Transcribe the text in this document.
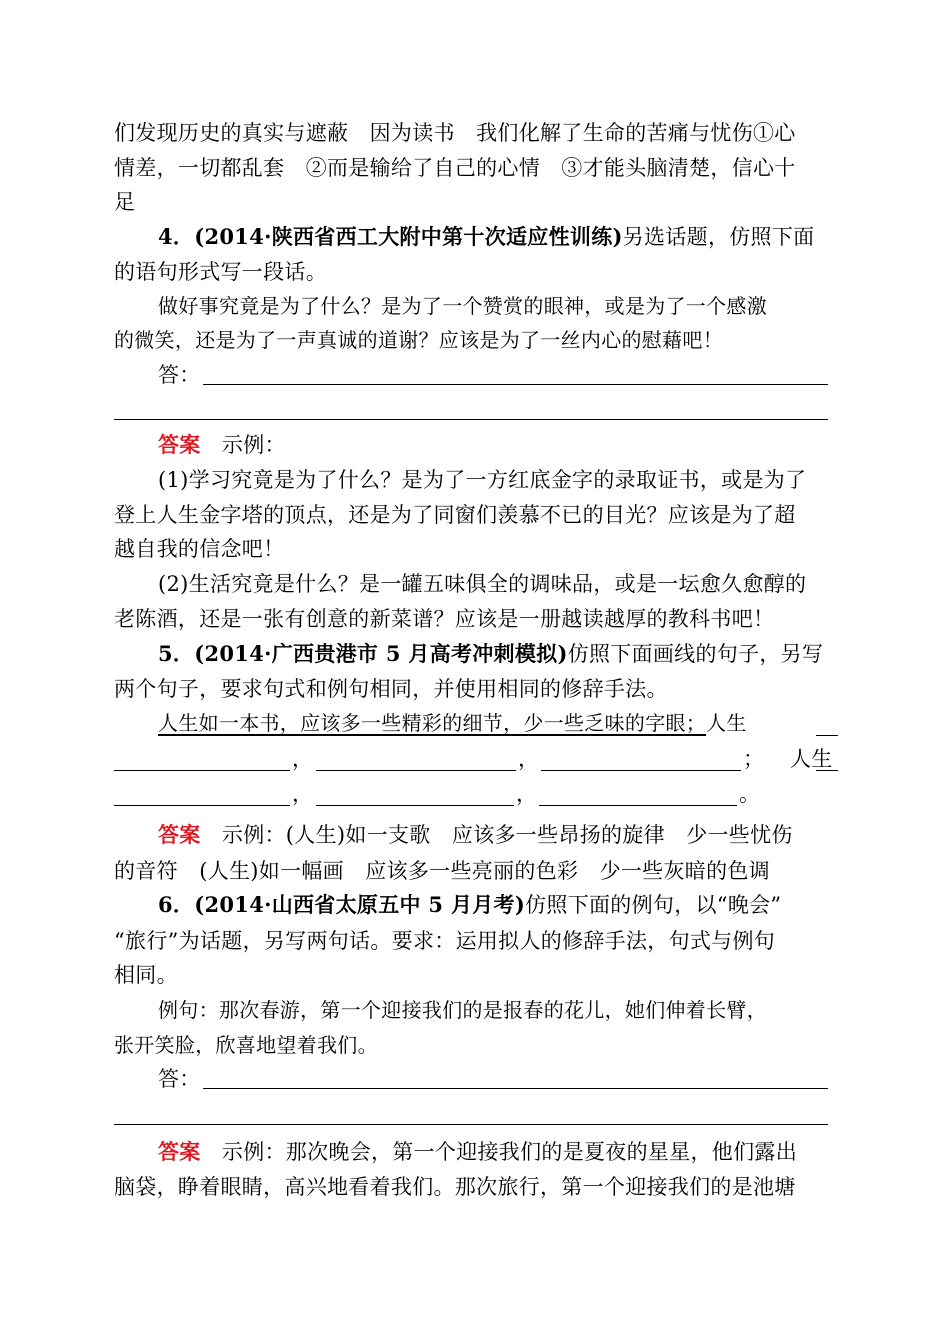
们发现历史的真实与遮蔽　因为读书　我们化解了生命的苦痛与忧伤①心
情差，一切都乱套　②而是输给了自己的心情　③才能头脑清楚，信心十
足
4．(2014·陕西省西工大附中第十次适应性训练)另选话题，仿照下面
的语句形式写一段话。
做好事究竟是为了什么？是为了一个赞赏的眼神，或是为了一个感激
的微笑，还是为了一声真诚的道谢？应该是为了一丝内心的慰藉吧！
答：
答案　示例：
(1)学习究竟是为了什么？是为了一方红底金字的录取证书，或是为了
登上人生金字塔的顶点，还是为了同窗们羡慕不已的目光？应该是为了超
越自我的信念吧！
(2)生活究竟是什么？是一罐五味俱全的调味品，或是一坛愈久愈醇的
老陈酒，还是一张有创意的新菜谱？应该是一册越读越厚的教科书吧！
5．(2014·广西贵港市 5 月高考冲刺模拟)仿照下面画线的句子，另写
两个句子，要求句式和例句相同，并使用相同的修辞手法。
人生如一本书，应该多一些精彩的细节，少一些乏味的字眼；人生
，	，	； 人生
，	，	。
答案　示例：(人生)如一支歌　应该多一些昂扬的旋律　少一些忧伤
的音符　(人生)如一幅画　应该多一些亮丽的色彩　少一些灰暗的色调
6．(2014·山西省太原五中 5 月月考)仿照下面的例句，以“晚会”
“旅行”为话题，另写两句话。要求：运用拟人的修辞手法，句式与例句
相同。
例句：那次春游，第一个迎接我们的是报春的花儿，她们伸着长臂，
张开笑脸，欣喜地望着我们。
答：
答案　示例：那次晚会，第一个迎接我们的是夏夜的星星，他们露出
脑袋，睁着眼睛，高兴地看着我们。那次旅行，第一个迎接我们的是池塘
